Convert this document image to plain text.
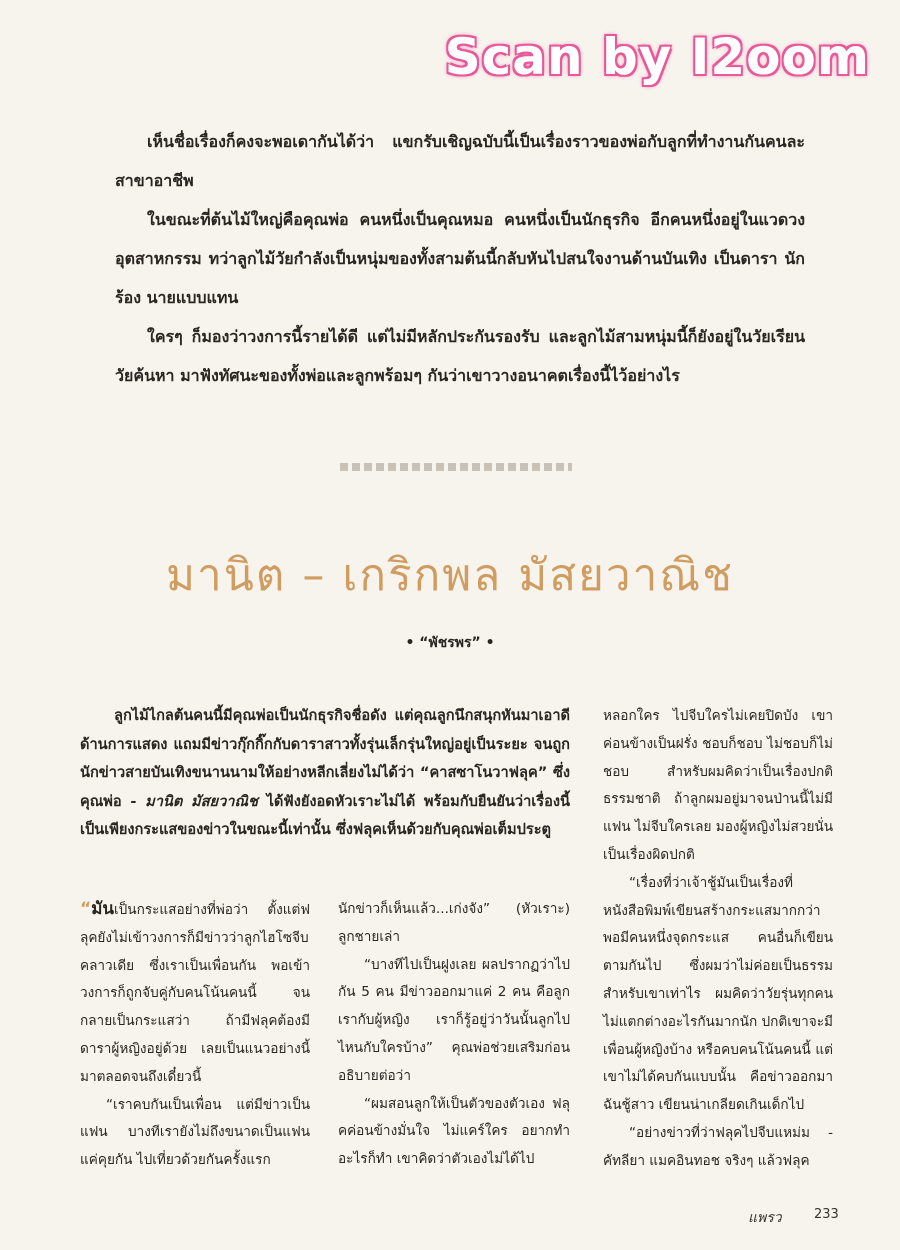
Scan by I2oom

เห็นชื่อเรื่องก็คงจะพอเดากันได้ว่า แขกรับเชิญฉบับนี้เป็นเรื่องราวของพ่อกับลูกที่ทำงานกันคนละสาขาอาชีพ

ในขณะที่ต้นไม้ใหญ่คือคุณพ่อ คนหนึ่งเป็นคุณหมอ คนหนึ่งเป็นนักธุรกิจ อีกคนหนึ่งอยู่ในแวดวงอุตสาหกรรม ทว่าลูกไม้วัยกำลังเป็นหนุ่มของทั้งสามต้นนี้กลับหันไปสนใจงานด้านบันเทิง เป็นดารา นักร้อง นายแบบแทน

ใครๆ ก็มองว่าวงการนี้รายได้ดี แต่ไม่มีหลักประกันรองรับ และลูกไม้สามหนุ่มนี้ก็ยังอยู่ในวัยเรียน วัยค้นหา มาฟังทัศนะของทั้งพ่อและลูกพร้อมๆ กันว่าเขาวางอนาคตเรื่องนี้ไว้อย่างไร

มานิต – เกริกพล มัสยวาณิช
• “พัชรพร” •

ลูกไม้ไกลต้นคนนี้มีคุณพ่อเป็นนักธุรกิจชื่อดัง แต่คุณลูกนึกสนุกหันมาเอาดีด้านการแสดง แถมมีข่าวกุ๊กกิ๊กกับดาราสาวทั้งรุ่นเล็กรุ่นใหญ่อยู่เป็นระยะ จนถูกนักข่าวสายบันเทิงขนานนามให้อย่างหลีกเลี่ยงไม่ได้ว่า “คาสซาโนวาฟลุค” ซึ่งคุณพ่อ - มานิต มัสยวาณิช ได้ฟังยังอดหัวเราะไม่ได้ พร้อมกับยืนยันว่าเรื่องนี้เป็นเพียงกระแสของข่าวในขณะนี้เท่านั้น ซึ่งฟลุคเห็นด้วยกับคุณพ่อเต็มประตู

“มันเป็นกระแสอย่างที่พ่อว่า ตั้งแต่ฟลุคยังไม่เข้าวงการก็มีข่าวว่าลูกไฮโซจีบคลาวเดีย ซึ่งเราเป็นเพื่อนกัน พอเข้าวงการก็ถูกจับคู่กับคนโน้นคนนี้ จนกลายเป็นกระแสว่า ถ้ามีฟลุคต้องมีดาราผู้หญิงอยู่ด้วย เลยเป็นแนวอย่างนี้มาตลอดจนถึงเดี๋ยวนี้

“เราคบกันเป็นเพื่อน แต่มีข่าวเป็นแฟน บางทีเรายังไม่ถึงขนาดเป็นแฟน แค่คุยกัน ไปเที่ยวด้วยกันครั้งแรก

นักข่าวก็เห็นแล้ว...เก่งจัง” (หัวเราะ) ลูกชายเล่า

“บางทีไปเป็นฝูงเลย ผลปรากฏว่าไปกัน 5 คน มีข่าวออกมาแค่ 2 คน คือลูกเรากับผู้หญิง เราก็รู้อยู่ว่าวันนั้นลูกไปไหนกับใครบ้าง” คุณพ่อช่วยเสริมก่อนอธิบายต่อว่า

“ผมสอนลูกให้เป็นตัวของตัวเอง ฟลุคค่อนข้างมั่นใจ ไม่แคร์ใคร อยากทำอะไรก็ทำ เขาคิดว่าตัวเองไม่ได้ไป

หลอกใคร ไปจีบใครไม่เคยปิดบัง เขาค่อนข้างเป็นฝรั่ง ชอบก็ชอบ ไม่ชอบก็ไม่ชอบ สำหรับผมคิดว่าเป็นเรื่องปกติธรรมชาติ ถ้าลูกผมอยู่มาจนป่านนี้ไม่มีแฟน ไม่จีบใครเลย มองผู้หญิงไม่สวยนั่นเป็นเรื่องผิดปกติ

“เรื่องที่ว่าเจ้าชู้มันเป็นเรื่องที่หนังสือพิมพ์เขียนสร้างกระแสมากกว่า พอมีคนหนึ่งจุดกระแส คนอื่นก็เขียนตามกันไป ซึ่งผมว่าไม่ค่อยเป็นธรรมสำหรับเขาเท่าไร ผมคิดว่าวัยรุ่นทุกคนไม่แตกต่างอะไรกันมากนัก ปกติเขาจะมีเพื่อนผู้หญิงบ้าง หรือคบคนโน้นคนนี้ แต่เขาไม่ได้คบกันแบบนั้น คือข่าวออกมาฉันชู้สาว เขียนน่าเกลียดเกินเด็กไป

“อย่างข่าวที่ว่าฟลุคไปจีบแหม่ม - คัทลียา แมคอินทอช จริงๆ แล้วฟลุค

แพรว 233
